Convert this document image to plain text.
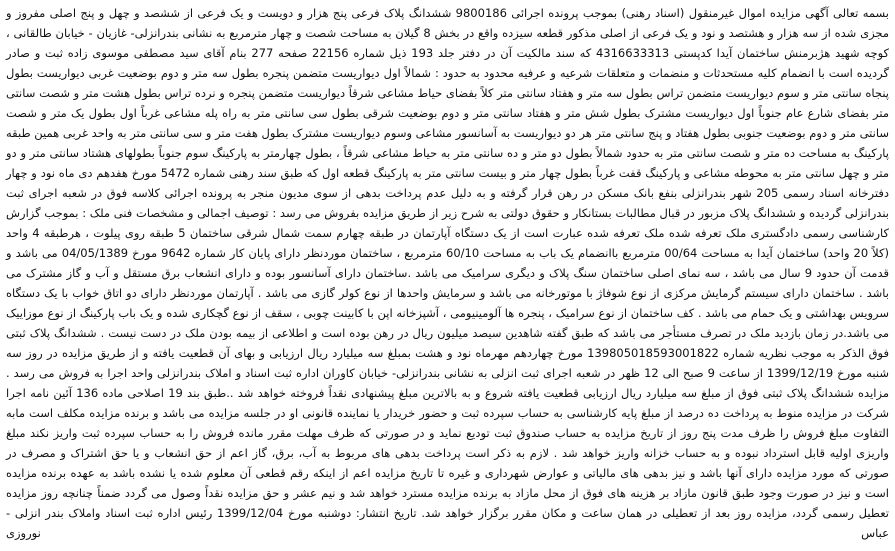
بسمه تعالی آگهی مزایده اموال غیرمنقول (اسناد رهنی) بموجب پرونده اجرائی 9800186 ششدانگ پلاک فرعی پنج هزار و دویست و یک فرعی از ششصد و چهل و پنج اصلی مفروز و مجزی شده از سه هزار و هشتصد و نود و یک فرعی از اصلی مذکور قطعه سیزده واقع در بخش 8 گیلان به مساحت شصت و چهار مترمربع به نشانی بندرانزلی- غازیان - خیابان طالقانی ، کوچه شهید هژبرمنش ساختمان آیدا کدپستی 4316633313 که سند مالکیت آن در دفتر جلد 193 ذیل شماره 22156 صفحه 277 بنام آقای سید مصطفی موسوی زاده ثبت و صادر گردیده است با انضمام کلیه مستحدثات و منضمات و متعلقات شرعیه و عرفیه محدود به حدود : شمالاً اول دیواریست متضمن پنجره بطول سه متر و دوم بوضعیت غربی دیواریست بطول پنجاه سانتی متر و سوم دیواریست متضمن تراس بطول سه متر و هفتاد سانتی متر کلاً بفضای حیاط مشاعی شرقاً دیواریست متضمن پنجره و نرده تراس بطول هشت متر و شصت سانتی متر بفضای شارع عام جنوباً اول دیواریست مشترک بطول شش متر و هفتاد سانتی متر و دوم بوضعیت شرقی بطول سی سانتی متر به راه پله مشاعی غرباً اول بطول یک متر و شصت سانتی متر و دوم بوضعیت جنوبی بطول هفتاد و پنج سانتی متر هر دو دیواریست به آسانسور مشاعی وسوم دیواریست مشترک بطول هفت متر و سی سانتی متر به واحد غربی همین طبقه پارکینگ به مساحت ده متر و شصت سانتی متر به حدود شمالاً بطول دو متر و ده سانتی متر به حیاط مشاعی شرقاً ، بطول چهارمتر به پارکینگ سوم جنوباً بطولهای هشتاد سانتی متر و دو متر و چهل سانتی متر به محوطه مشاعی و پارکینگ قفت غرباً بطول چهار متر و بیست سانتی متر به پارکینگ قطعه اول که طبق سند رهنی شماره 5472 مورخ هفدهم دی ماه نود و چهار دفترخانه اسناد رسمی 205 شهر بندرانزلی بنفع بانک مسکن در رهن قرار گرفته و به دلیل عدم پرداخت بدهی از سوی مدیون منجر به پرونده اجرائی کلاسه فوق در شعبه اجرای ثبت بندرانزلی گردیده و ششدانگ پلاک مزبور در قبال مطالبات بستانکار و حقوق دولتی به شرح زیر از طریق مزایده بفروش می رسد : توصیف اجمالی و مشخصات فنی ملک : بموجب گزارش کارشناسی رسمی دادگستری ملک تعرفه شده ملک تعرفه شده عبارت است از یک دستگاه آپارتمان در طبقه چهارم سمت شمال شرقی ساختمان 5 طبقه روی پیلوت ، هرطبقه 4 واحد (کلاً 20 واحد) ساختمان آیدا به مساحت 00/64 مترمربع باانضمام یک باب به مساحت 60/10 مترمربع ، ساختمان موردنظر دارای پایان کار شماره 9642 مورخ 04/05/1389 می باشد و قدمت آن حدود 9 سال می باشد ، سه نمای اصلی ساختمان سنگ پلاک و دیگری سرامیک می باشد .ساختمان دارای آسانسور بوده و دارای انشعاب برق مستقل و آب و گاز مشترک می باشد . ساختمان دارای سیستم گرمایش مرکزی از نوع شوفاژ با موتورخانه می باشد و سرمایش واحدها از نوع کولر گازی می باشد . آپارتمان موردنظر دارای دو اتاق خواب با یک دستگاه سرویس بهداشتی و یک حمام می باشد . کف ساختمان از نوع سرامیک ، پنجره ها آلومینیومی ، آشپزخانه اپن با کابینت چوبی ، سقف از نوع گچکاری شده و یک باب پارکینگ از نوع موزاییک می باشد.در زمان بازدید ملک در تصرف مستأجر می باشد که طبق گفته شاهدین سیصد میلیون ریال در رهن بوده است و اطلاعی از بیمه بودن ملک در دست نیست . ششدانگ پلاک ثبتی فوق الذکر به موجب نظریه شماره 139805018593001822 مورخ چهاردهم مهرماه نود و هشت بمبلغ سه میلیارد ریال ارزیابی و بهای آن قطعیت یافته و از طریق مزایده در روز سه شنبه مورخ 1399/12/19 از ساعت 9 صبح الی 12 ظهر در شعبه اجرای ثبت انزلی به نشانی بندرانزلی- خیابان کاوران اداره ثبت اسناد و املاک بندرانزلی واحد اجرا به فروش می رسد . مزایده ششدانگ پلاک ثبتی فوق از مبلغ سه میلیارد ریال ارزیابی قطعیت یافته شروع و به بالاترین مبلغ پیشنهادی نقداً فروخته خواهد شد ..طبق بند 19 اصلاحی ماده 136 آئین نامه اجرا شرکت در مزایده منوط به پرداخت ده درصد از مبلغ پایه کارشناسی به حساب سپرده ثبت و حضور خریدار یا نماینده قانونی او در جلسه مزایده می باشد و برنده مزایده مکلف است مابه التفاوت مبلغ فروش را ظرف مدت پنج روز از تاریخ مزایده به حساب صندوق ثبت تودیع نماید و در صورتی که ظرف مهلت مقرر مانده فروش را به حساب سپرده ثبت واریز نکند مبلغ واریزی اولیه قابل استرداد نبوده و به حساب خزانه واریز خواهد شد . لازم به ذکر است پرداخت بدهی های مربوط به آب، برق، گاز اعم از حق انشعاب و یا حق اشتراک و مصرف در صورتی که مورد مزایده دارای آنها باشد و نیز بدهی های مالیاتی و عوارض شهرداری و غیره تا تاریخ مزایده اعم از اینکه رقم قطعی آن معلوم شده یا نشده باشد به عهده برنده مزایده است و نیز در صورت وجود طبق قانون مازاد بر هزینه های فوق از محل مازاد به برنده مزایده مسترد خواهد شد و نیم عشر و حق مزایده نقداً وصول می گردد ضمناً چنانچه روز مزایده تعطیل رسمی گردد، مزایده روز بعد از تعطیلی در همان ساعت و مکان مقرر برگزار خواهد شد. تاریخ انتشار: دوشنبه مورخ 1399/12/04 رئیس اداره ثبت اسناد واملاک بندر انزلی - عباس نوروزی
